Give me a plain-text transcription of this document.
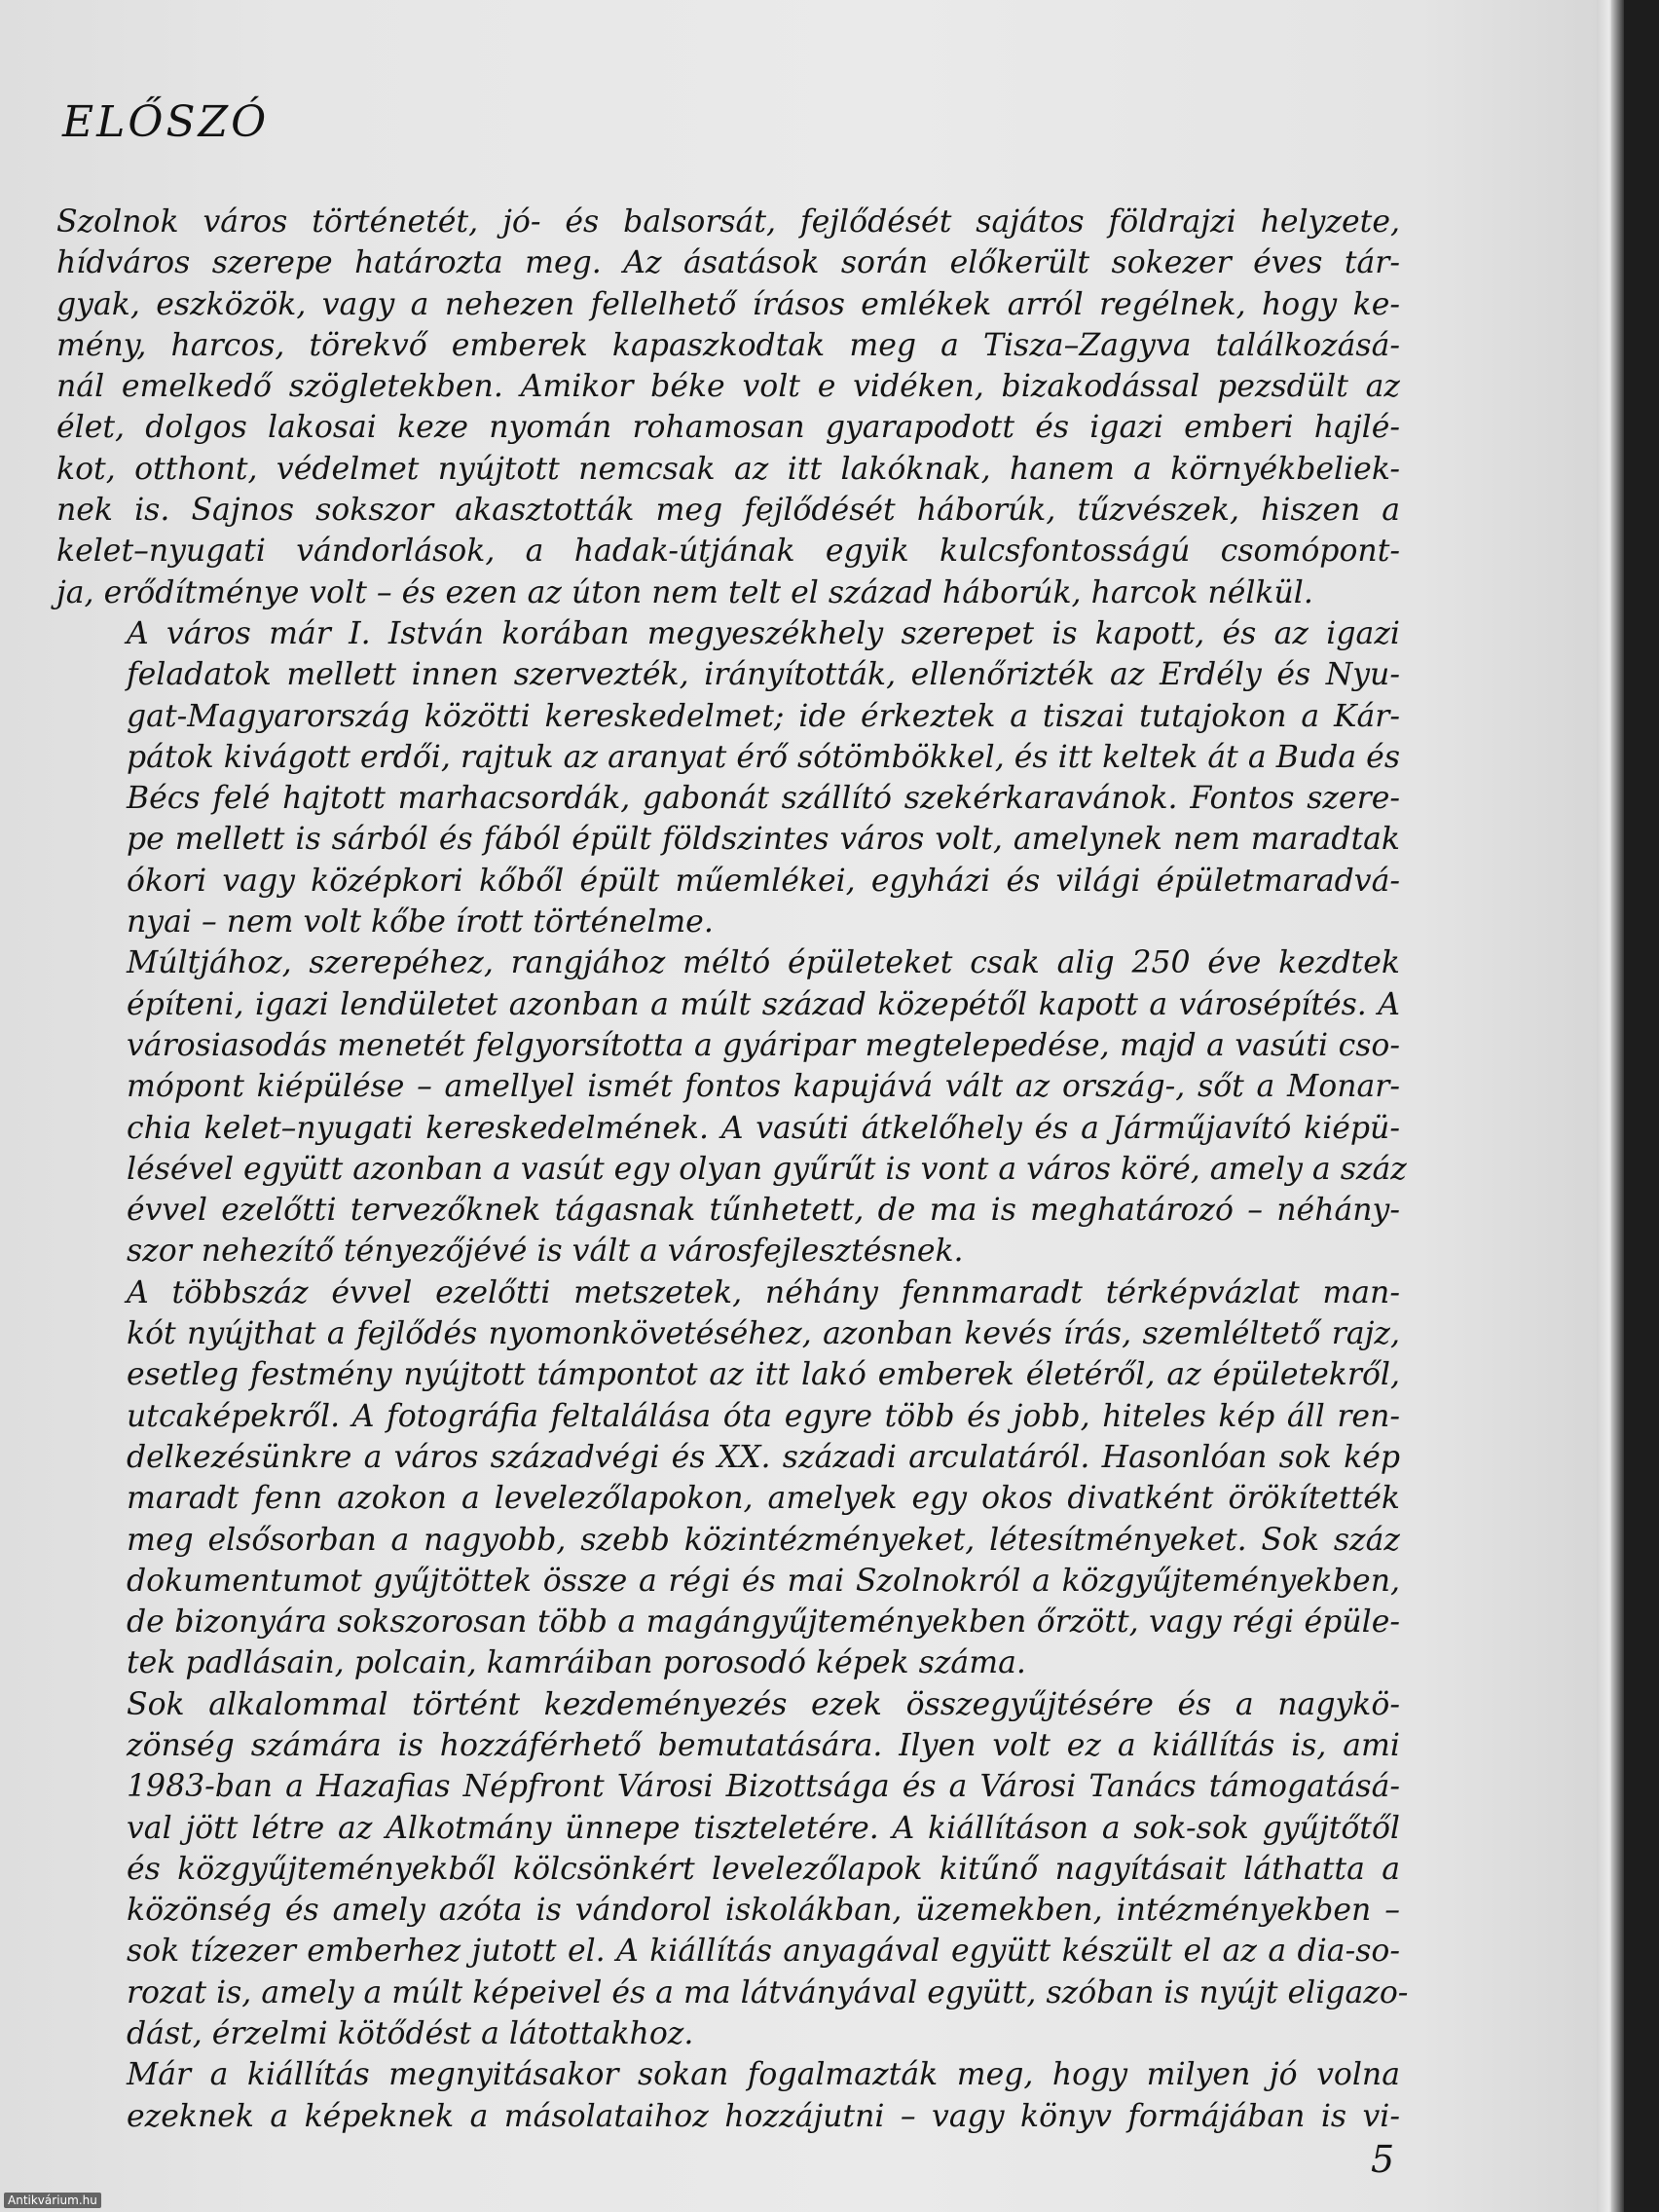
ELŐSZÓ
Szolnok város történetét, jó- és balsorsát, fejlődését sajátos földrajzi helyzete,
hídváros szerepe határozta meg. Az ásatások során előkerült sokezer éves tár-
gyak, eszközök, vagy a nehezen fellelhető írásos emlékek arról regélnek, hogy ke-
mény, harcos, törekvő emberek kapaszkodtak meg a Tisza–Zagyva találkozásá-
nál emelkedő szögletekben. Amikor béke volt e vidéken, bizakodással pezsdült az
élet, dolgos lakosai keze nyomán rohamosan gyarapodott és igazi emberi hajlé-
kot, otthont, védelmet nyújtott nemcsak az itt lakóknak, hanem a környékbeliek-
nek is. Sajnos sokszor akasztották meg fejlődését háborúk, tűzvészek, hiszen a
kelet–nyugati vándorlások, a hadak-útjának egyik kulcsfontosságú csomópont-
ja, erődítménye volt – és ezen az úton nem telt el század háborúk, harcok nélkül.
A város már I. István korában megyeszékhely szerepet is kapott, és az igazi
feladatok mellett innen szervezték, irányították, ellenőrizték az Erdély és Nyu-
gat-Magyarország közötti kereskedelmet; ide érkeztek a tiszai tutajokon a Kár-
pátok kivágott erdői, rajtuk az aranyat érő sótömbökkel, és itt keltek át a Buda és
Bécs felé hajtott marhacsordák, gabonát szállító szekérkaravánok. Fontos szere-
pe mellett is sárból és fából épült földszintes város volt, amelynek nem maradtak
ókori vagy középkori kőből épült műemlékei, egyházi és világi épületmaradvá-
nyai – nem volt kőbe írott történelme.
Múltjához, szerepéhez, rangjához méltó épületeket csak alig 250 éve kezdtek
építeni, igazi lendületet azonban a múlt század közepétől kapott a városépítés. A
városiasodás menetét felgyorsította a gyáripar megtelepedése, majd a vasúti cso-
mópont kiépülése – amellyel ismét fontos kapujává vált az ország-, sőt a Monar-
chia kelet–nyugati kereskedelmének. A vasúti átkelőhely és a Járműjavító kiépü-
lésével együtt azonban a vasút egy olyan gyűrűt is vont a város köré, amely a száz
évvel ezelőtti tervezőknek tágasnak tűnhetett, de ma is meghatározó – néhány-
szor nehezítő tényezőjévé is vált a városfejlesztésnek.
A többszáz évvel ezelőtti metszetek, néhány fennmaradt térképvázlat man-
kót nyújthat a fejlődés nyomonkövetéséhez, azonban kevés írás, szemléltető rajz,
esetleg festmény nyújtott támpontot az itt lakó emberek életéről, az épületekről,
utcaképekről. A fotográfia feltalálása óta egyre több és jobb, hiteles kép áll ren-
delkezésünkre a város századvégi és XX. századi arculatáról. Hasonlóan sok kép
maradt fenn azokon a levelezőlapokon, amelyek egy okos divatként örökítették
meg elsősorban a nagyobb, szebb közintézményeket, létesítményeket. Sok száz
dokumentumot gyűjtöttek össze a régi és mai Szolnokról a közgyűjteményekben,
de bizonyára sokszorosan több a magángyűjteményekben őrzött, vagy régi épüle-
tek padlásain, polcain, kamráiban porosodó képek száma.
Sok alkalommal történt kezdeményezés ezek összegyűjtésére és a nagykö-
zönség számára is hozzáférhető bemutatására. Ilyen volt ez a kiállítás is, ami
1983-ban a Hazafias Népfront Városi Bizottsága és a Városi Tanács támogatásá-
val jött létre az Alkotmány ünnepe tiszteletére. A kiállításon a sok-sok gyűjtőtől
és közgyűjteményekből kölcsönkért levelezőlapok kitűnő nagyításait láthatta a
közönség és amely azóta is vándorol iskolákban, üzemekben, intézményekben –
sok tízezer emberhez jutott el. A kiállítás anyagával együtt készült el az a dia-so-
rozat is, amely a múlt képeivel és a ma látványával együtt, szóban is nyújt eligazo-
dást, érzelmi kötődést a látottakhoz.
Már a kiállítás megnyitásakor sokan fogalmazták meg, hogy milyen jó volna
ezeknek a képeknek a másolataihoz hozzájutni – vagy könyv formájában is vi-
5
Antikvárium.hu
